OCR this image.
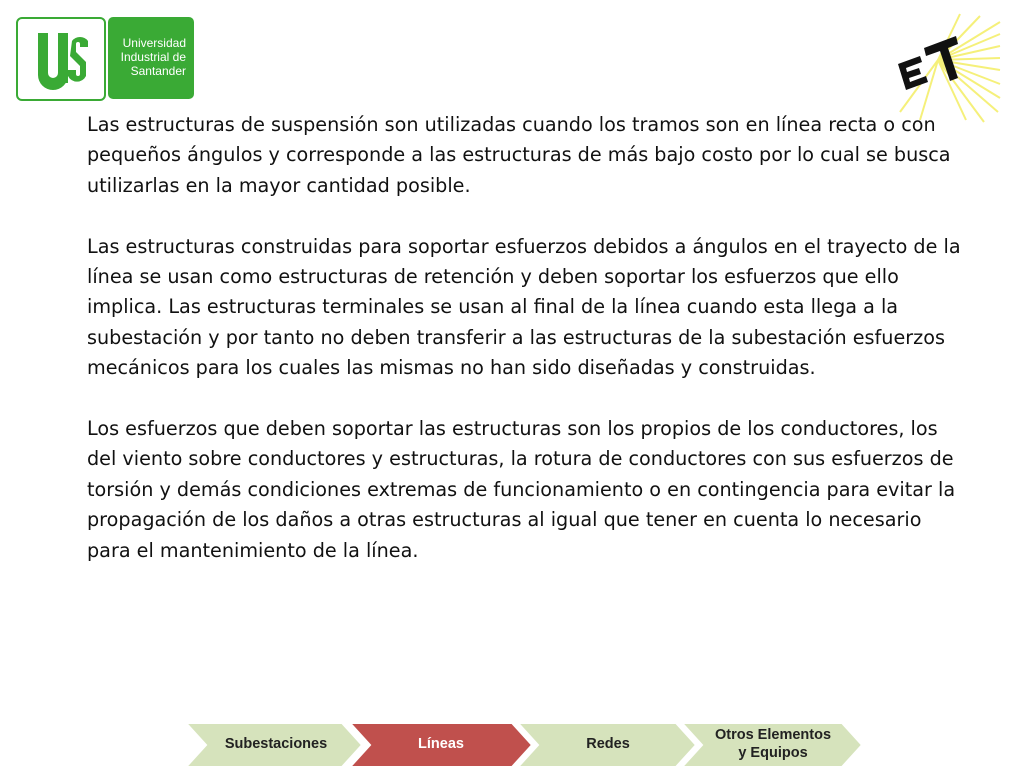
Universidad
Industrial de
Santander

Las estructuras de suspensión son utilizadas cuando los tramos son en línea recta o con pequeños ángulos y corresponde a las estructuras de más bajo costo por lo cual se busca utilizarlas en la mayor cantidad posible.

Las estructuras construidas para soportar esfuerzos debidos a ángulos en el trayecto de la línea se usan como estructuras de retención y deben soportar los esfuerzos que ello implica. Las estructuras terminales se usan al final de la línea cuando esta llega a la subestación y por tanto no deben transferir a las estructuras de la subestación esfuerzos mecánicos para los cuales las mismas no han sido diseñadas y construidas.

Los esfuerzos que deben soportar las estructuras son los propios de los conductores, los del viento sobre conductores y estructuras, la rotura de conductores con sus esfuerzos de torsión y demás condiciones extremas de funcionamiento o en contingencia para evitar la propagación de los daños a otras estructuras al igual que tener en cuenta lo necesario para el mantenimiento de la línea.

Subestaciones	Líneas	Redes
Otros Elementos
y Equipos
